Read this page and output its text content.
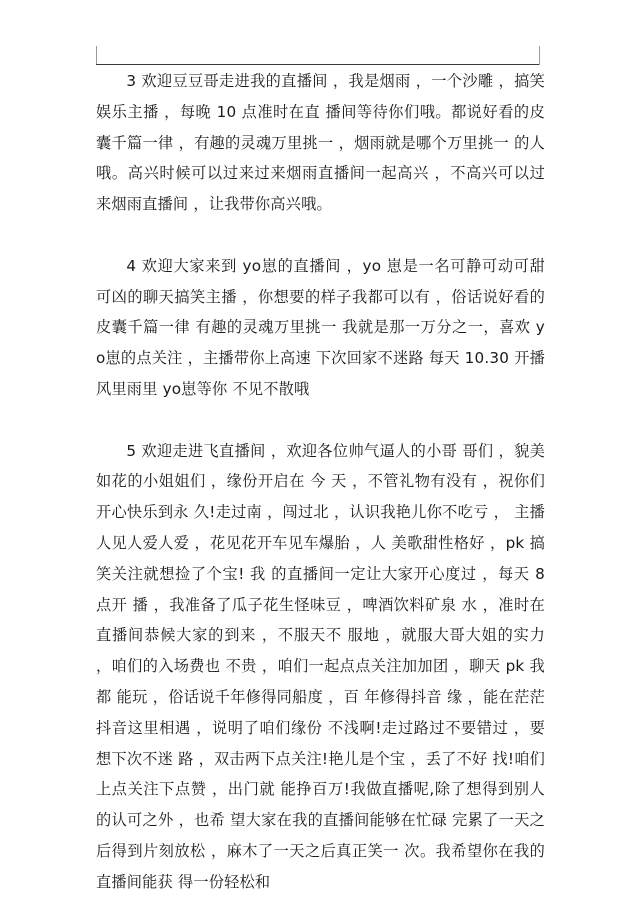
3 欢迎豆豆哥走进我的直播间 ，我是烟雨 ，一个沙雕 ，搞笑娱乐主播 ，每晚 10 点准时在直 播间等待你们哦。都说好看的皮囊千篇一律 ，有趣的灵魂万里挑一 ，烟雨就是哪个万里挑一 的人哦。高兴时候可以过来过来烟雨直播间一起高兴 ，不高兴可以过来烟雨直播间 ，让我带你高兴哦。

4 欢迎大家来到 yo崽的直播间 ，yo 崽是一名可静可动可甜可凶的聊天搞笑主播 ，你想要的样子我都可以有 ，俗话说好看的皮囊千篇一律 有趣的灵魂万里挑一 我就是那一万分之一，喜欢 yo崽的点关注 ，主播带你上高速 下次回家不迷路 每天 10.30 开播 风里雨里 yo崽等你 不见不散哦

5 欢迎走进飞直播间 ，欢迎各位帅气逼人的小哥 哥们 ，貌美如花的小姐姐们 ，缘份开启在 今 天 ，不管礼物有没有 ，祝你们开心快乐到永 久!走过南 ，闯过北 ，认识我艳儿你不吃亏 ， 主播人见人爱人爱 ，花见花开车见车爆胎 ，人 美歌甜性格好 ，pk 搞笑关注就想捡了个宝! 我 的直播间一定让大家开心度过 ，每天 8 点开 播 ，我准备了瓜子花生怪味豆 ，啤酒饮料矿泉 水 ，准时在直播间恭候大家的到来 ，不服天不 服地 ，就服大哥大姐的实力 ，咱们的入场费也 不贵 ，咱们一起点点关注加加团 ，聊天 pk 我都 能玩 ，俗话说千年修得同船度 ，百 年修得抖音 缘 ，能在茫茫抖音这里相遇 ，说明了咱们缘份 不浅啊!走过路过不要错过 ，要 想下次不迷 路 ，双击两下点关注!艳儿是个宝 ，丢了不好 找!咱们上点关注下点赞 ，出门就 能挣百万!我做直播呢,除了想得到别人的认可之外 ，也希 望大家在我的直播间能够在忙碌 完累了一天之 后得到片刻放松 ，麻木了一天之后真正笑一 次。我希望你在我的直播间能获 得一份轻松和
